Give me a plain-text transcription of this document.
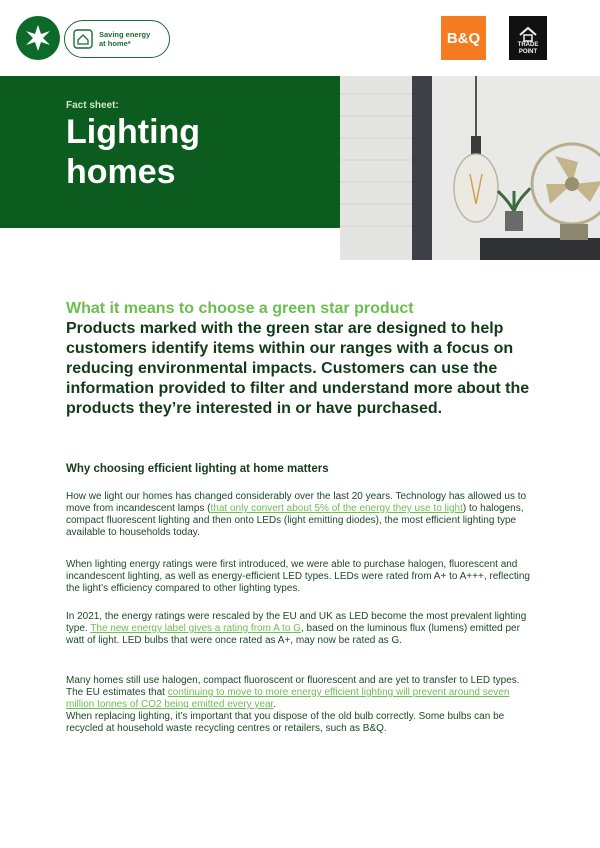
Saving energy
at home*	B&Q	TRADE
POINT
Fact sheet:
Lighting
homes
What it means to choose a green star product
Products marked with the green star are designed to help customers identify items within our ranges with a focus on reducing environmental impacts. Customers can use the information provided to filter and understand more about the products they’re interested in or have purchased.
Why choosing efficient lighting at home matters
How we light our homes has changed considerably over the last 20 years. Technology has allowed us to move from incandescent lamps (that only convert about 5% of the energy they use to light) to halogens, compact fluorescent lighting and then onto LEDs (light emitting diodes), the most efficient lighting type available to households today.
When lighting energy ratings were first introduced, we were able to purchase halogen, fluorescent and incandescent lighting, as well as energy-efficient LED types. LEDs were rated from A+ to A+++, reflecting the light’s efficiency compared to other lighting types.
In 2021, the energy ratings were rescaled by the EU and UK as LED become the most prevalent lighting type. The new energy label gives a rating from A to G, based on the luminous flux (lumens) emitted per watt of light. LED bulbs that were once rated as A+, may now be rated as G.
Many homes still use halogen, compact fluoroscent or fluorescent and are yet to transfer to LED types. The EU estimates that continuing to move to more energy efficient lighting will prevent around seven million tonnes of CO2 being emitted every year.
When replacing lighting, it’s important that you dispose of the old bulb correctly. Some bulbs can be recycled at household waste recycling centres or retailers, such as B&Q.
